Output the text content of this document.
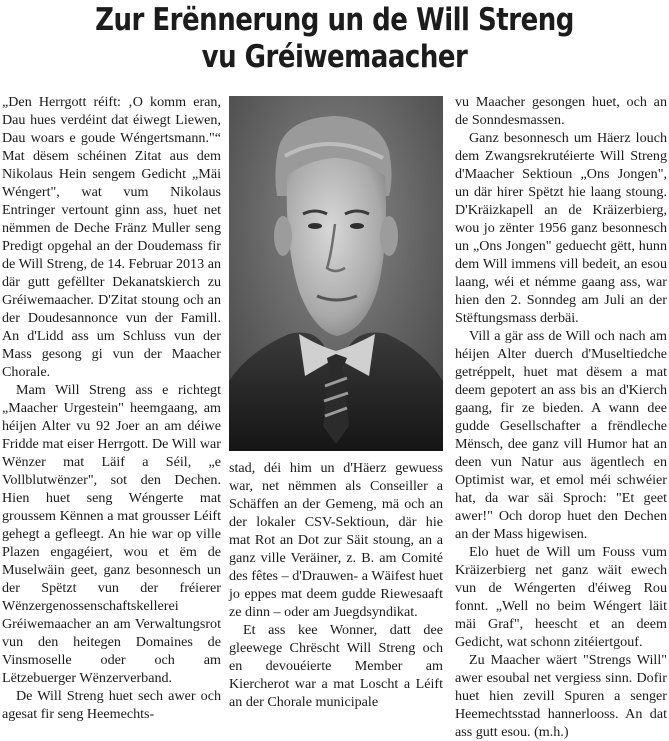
Zur Erënnerung un de Will Streng
vu Gréiwemaacher

„Den Herrgott réift: ‚O komm eran, Dau hues verdéint dat éiwegt Liewen, Dau woars e goude Wéngertsmann."“ Mat dësem schéinen Zitat aus dem Nikolaus Hein sengem Gedicht „Mäi Wéngert", wat vum Nikolaus Entringer vertount ginn ass, huet net nëmmen de Deche Fränz Muller seng Predigt opgehal an der Doudemass fir de Will Streng, de 14. Februar 2013 an där gutt gefëllter Dekanatskierch zu Gréiwemaacher. D'Zitat stoung och an der Doudesannonce vun der Famill. An d'Lidd ass um Schluss vun der Mass gesong gi vun der Maacher Chorale.

Mam Will Streng ass e richtegt „Maacher Urgestein" heemgaang, am héijen Alter vu 92 Joer an am déiwe Fridde mat eiser Herrgott. De Will war Wënzer mat Läif a Séil, „e Vollblutwënzer", sot den Dechen. Hien huet seng Wéngerte mat groussem Kënnen a mat grousser Léift gehegt a gefleegt. An hie war op ville Plazen engagéiert, wou et ëm de Muselwäin geet, ganz besonnesch un der Spëtzt vun der fréierer Wënzergenossenschaftskellerei Gréiwemaacher an am Verwaltungsrot vun den heitegen Domaines de Vinsmoselle oder och am Lëtzebuerger Wënzerverband.

De Will Streng huet sech awer och agesat fir seng Heemechts-

stad, déi him un d'Häerz gewuess war, net nëmmen als Conseiller a Schäffen an der Gemeng, mä och an der lokaler CSV-Sektioun, där hie mat Rot an Dot zur Säit stoung, an a ganz ville Veräiner, z. B. am Comité des fêtes – d'Drauwen- a Wäifest huet jo eppes mat deem gudde Riewesaaft ze dinn – oder am Juegdsyndikat.

Et ass kee Wonner, datt dee gleewege Chrëscht Will Streng och en devouéierte Member am Kiercherot war a mat Loscht a Léift an der Chorale municipale

vu Maacher gesongen huet, och an de Sonndesmassen.

Ganz besonnesch um Häerz louch dem Zwangsrekrutéierte Will Streng d'Maacher Sektioun „Ons Jongen", un där hirer Spëtzt hie laang stoung. D'Kräizkapell an de Kräizerbierg, wou jo zënter 1956 ganz besonnesch un „Ons Jongen" geduecht gëtt, hunn dem Will immens vill bedeit, an esou laang, wéi et némme gaang ass, war hien den 2. Sonndeg am Juli an der Stëftungsmass derbäi.

Vill a gär ass de Will och nach am héijen Alter duerch d'Museltiedche getréppelt, huet mat dësem a mat deem gepotert an ass bis an d'Kierch gaang, fir ze bieden. A wann dee gudde Gesellschafter a frëndleche Mënsch, dee ganz vill Humor hat an deen vun Natur aus ägentlech en Optimist war, et emol méi schwéier hat, da war säi Sproch: "Et geet awer!" Och dorop huet den Dechen an der Mass higewisen.

Elo huet de Will um Fouss vum Kräizerbierg net ganz wäit ewech vun de Wéngerten d'éiweg Rou fonnt. „Well no beim Wéngert läit mäi Graf", heescht et an deem Gedicht, wat schonn zitéiertgouf.

Zu Maacher wäert "Strengs Will" awer esoubal net vergiess sinn. Dofir huet hien zevill Spuren a senger Heemechtsstad hannerlooss. An dat ass gutt esou. (m.h.)
